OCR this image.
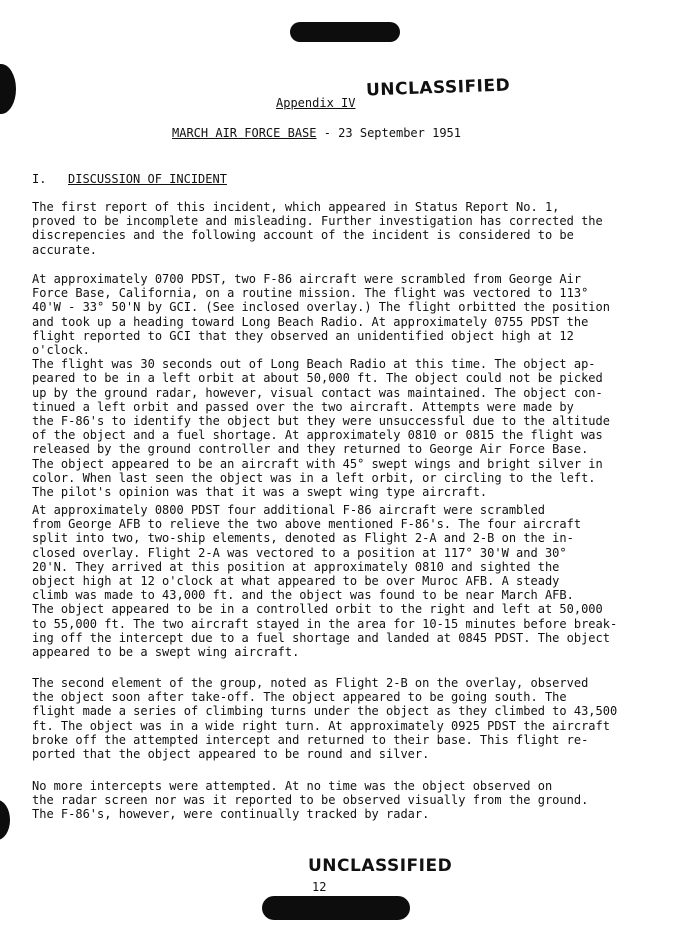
UNCLASSIFIED
Appendix IV
MARCH AIR FORCE BASE - 23 September 1951
I. DISCUSSION OF INCIDENT

The first report of this incident, which appeared in Status Report No. 1,
proved to be incomplete and misleading. Further investigation has corrected the
discrepencies and the following account of the incident is considered to be
accurate.

At approximately 0700 PDST, two F-86 aircraft were scrambled from George Air
Force Base, California, on a routine mission. The flight was vectored to 113°
40'W - 33° 50'N by GCI. (See inclosed overlay.) The flight orbitted the position
and took up a heading toward Long Beach Radio. At approximately 0755 PDST the
flight reported to GCI that they observed an unidentified object high at 12 o'clock.
The flight was 30 seconds out of Long Beach Radio at this time. The object ap-
peared to be in a left orbit at about 50,000 ft. The object could not be picked
up by the ground radar, however, visual contact was maintained. The object con-
tinued a left orbit and passed over the two aircraft. Attempts were made by
the F-86's to identify the object but they were unsuccessful due to the altitude
of the object and a fuel shortage. At approximately 0810 or 0815 the flight was
released by the ground controller and they returned to George Air Force Base.
The object appeared to be an aircraft with 45° swept wings and bright silver in
color. When last seen the object was in a left orbit, or circling to the left.
The pilot's opinion was that it was a swept wing type aircraft.

At approximately 0800 PDST four additional F-86 aircraft were scrambled
from George AFB to relieve the two above mentioned F-86's. The four aircraft
split into two, two-ship elements, denoted as Flight 2-A and 2-B on the in-
closed overlay. Flight 2-A was vectored to a position at 117° 30'W and 30°
20'N. They arrived at this position at approximately 0810 and sighted the
object high at 12 o'clock at what appeared to be over Muroc AFB. A steady
climb was made to 43,000 ft. and the object was found to be near March AFB.
The object appeared to be in a controlled orbit to the right and left at 50,000
to 55,000 ft. The two aircraft stayed in the area for 10-15 minutes before break-
ing off the intercept due to a fuel shortage and landed at 0845 PDST. The object
appeared to be a swept wing aircraft.

The second element of the group, noted as Flight 2-B on the overlay, observed
the object soon after take-off. The object appeared to be going south. The
flight made a series of climbing turns under the object as they climbed to 43,500
ft. The object was in a wide right turn. At approximately 0925 PDST the aircraft
broke off the attempted intercept and returned to their base. This flight re-
ported that the object appeared to be round and silver.

No more intercepts were attempted. At no time was the object observed on
the radar screen nor was it reported to be observed visually from the ground.
The F-86's, however, were continually tracked by radar.

UNCLASSIFIED
12
